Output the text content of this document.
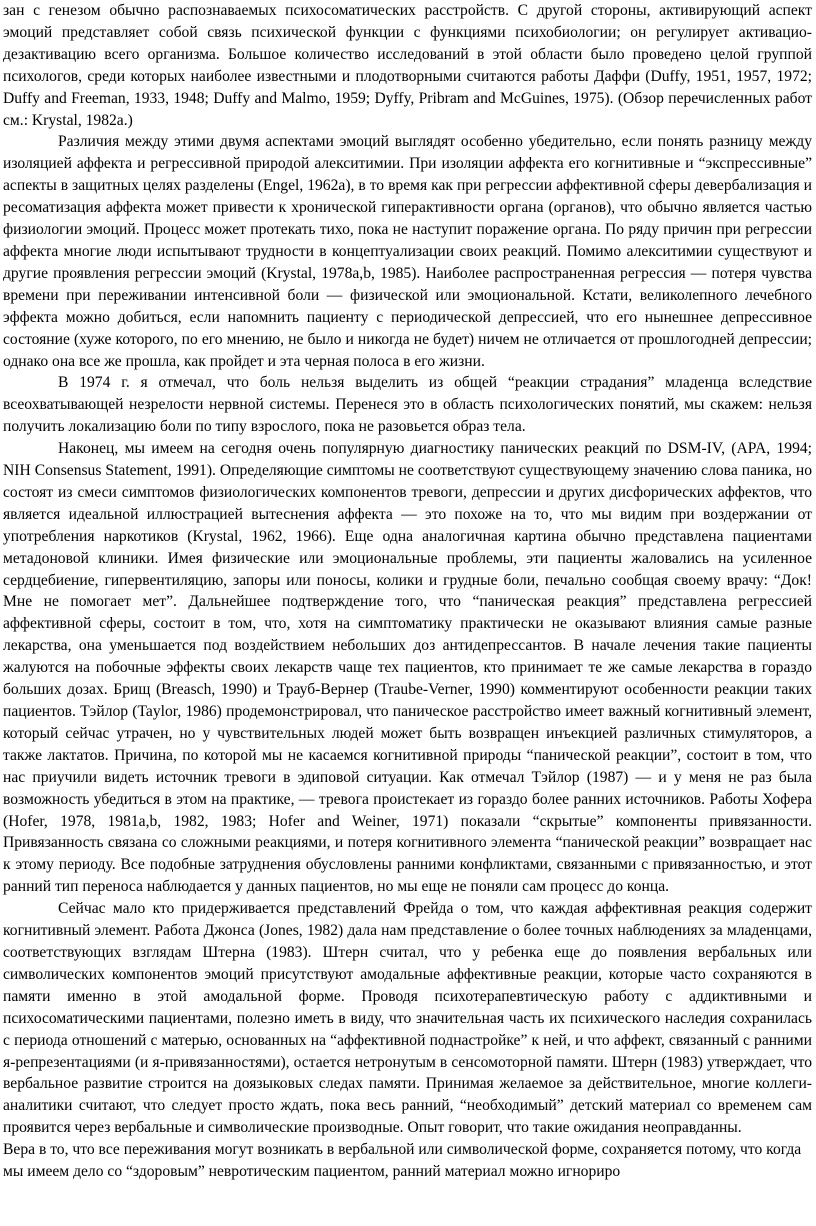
зан с генезом обычно распознаваемых психосоматических расстройств. С другой стороны, активирующий аспект эмоций представляет собой связь психической функции с функциями психобиологии; он регулирует активацио-дезактивацию всего организма. Большое количество исследований в этой области было проведено целой группой психологов, среди которых наиболее известными и плодотворными считаются работы Даффи (Duffy, 1951, 1957, 1972; Duffy and Freeman, 1933, 1948; Duffy and Malmo, 1959; Dyffy, Pribram and McGuines, 1975). (Обзор перечисленных работ см.: Krystal, 1982a.)

Различия между этими двумя аспектами эмоций выглядят особенно убедительно, если понять разницу между изоляцией аффекта и регрессивной природой алекситимии. При изоляции аффекта его когнитивные и “экспрессивные” аспекты в защитных целях разделены (Engel, 1962a), в то время как при регрессии аффективной сферы девербализация и ресоматизация аффекта может привести к хронической гиперактивности органа (органов), что обычно является частью физиологии эмоций. Процесс может протекать тихо, пока не наступит поражение органа. По ряду причин при регрессии аффекта многие люди испытывают трудности в концептуализации своих реакций. Помимо алекситимии существуют и другие проявления регрессии эмоций (Krystal, 1978a,b, 1985). Наиболее распространенная регрессия — потеря чувства времени при переживании интенсивной боли — физической или эмоциональной. Кстати, великолепного лечебного эффекта можно добиться, если напомнить пациенту с периодической депрессией, что его нынешнее депрессивное состояние (хуже которого, по его мнению, не было и никогда не будет) ничем не отличается от прошлогодней депрессии; однако она все же прошла, как пройдет и эта черная полоса в его жизни.

В 1974 г. я отмечал, что боль нельзя выделить из общей “реакции страдания” младенца вследствие всеохватывающей незрелости нервной системы. Перенеся это в область психологических понятий, мы скажем: нельзя получить локализацию боли по типу взрослого, пока не разовьется образ тела.

Наконец, мы имеем на сегодня очень популярную диагностику панических реакций по DSM-IV, (APA, 1994; NIH Consensus Statement, 1991). Определяющие симптомы не соответствуют существующему значению слова паника, но состоят из смеси симптомов физиологических компонентов тревоги, депрессии и других дисфорических аффектов, что является идеальной иллюстрацией вытеснения аффекта — это похоже на то, что мы видим при воздержании от употребления наркотиков (Krystal, 1962, 1966). Еще одна аналогичная картина обычно представлена пациентами метадоновой клиники. Имея физические или эмоциональные проблемы, эти пациенты жаловались на усиленное сердцебиение, гипервентиляцию, запоры или поносы, колики и грудные боли, печально сообщая своему врачу: “Док! Мне не помогает мет”. Дальнейшее подтверждение того, что “паническая реакция” представлена регрессией аффективной сферы, состоит в том, что, хотя на симптоматику практически не оказывают влияния самые разные лекарства, она уменьшается под воздействием небольших доз антидепрессантов. В начале лечения такие пациенты жалуются на побочные эффекты своих лекарств чаще тех пациентов, кто принимает те же самые лекарства в гораздо больших дозах. Брищ (Breasch, 1990) и Трауб-Вернер (Traube-Verner, 1990) комментируют особенности реакции таких пациентов. Тэйлор (Taylor, 1986) продемонстрировал, что паническое расстройство имеет важный когнитивный элемент, который сейчас утрачен, но у чувствительных людей может быть возвращен инъекцией различных стимуляторов, а также лактатов. Причина, по которой мы не касаемся когнитивной природы “панической реакции”, состоит в том, что нас приучили видеть источник тревоги в эдиповой ситуации. Как отмечал Тэйлор (1987) — и у меня не раз была возможность убедиться в этом на практике, — тревога проистекает из гораздо более ранних источников. Работы Хофера (Hofer, 1978, 1981a,b, 1982, 1983; Hofer and Weiner, 1971) показали “скрытые” компоненты привязанности. Привязанность связана со сложными реакциями, и потеря когнитивного элемента “панической реакции” возвращает нас к этому периоду. Все подобные затруднения обусловлены ранними конфликтами, связанными с привязанностью, и этот ранний тип переноса наблюдается у данных пациентов, но мы еще не поняли сам процесс до конца.

Сейчас мало кто придерживается представлений Фрейда о том, что каждая аффективная реакция содержит когнитивный элемент. Работа Джонса (Jones, 1982) дала нам представление о более точных наблюдениях за младенцами, соответствующих взглядам Штерна (1983). Штерн считал, что у ребенка еще до появления вербальных или символических компонентов эмоций присутствуют амодальные аффективные реакции, которые часто сохраняются в памяти именно в этой амодальной форме. Проводя психотерапевтическую работу с аддиктивными и психосоматическими пациентами, полезно иметь в виду, что значительная часть их психического наследия сохранилась с периода отношений с матерью, основанных на “аффективной поднастройке” к ней, и что аффект, связанный с ранними я-репрезентациями (и я-привязанностями), остается нетронутым в сенсомоторной памяти. Штерн (1983) утверждает, что вербальное развитие строится на доязыковых следах памяти. Принимая желаемое за действительное, многие коллеги-аналитики считают, что следует просто ждать, пока весь ранний, “необходимый” детский материал со временем сам проявится через вербальные и символические производные. Опыт говорит, что такие ожидания неоправданны.

Вера в то, что все переживания могут возникать в вербальной или символической форме, сохраняется потому, что когда мы имеем дело со “здоровым” невротическим пациентом, ранний материал можно игнориро
